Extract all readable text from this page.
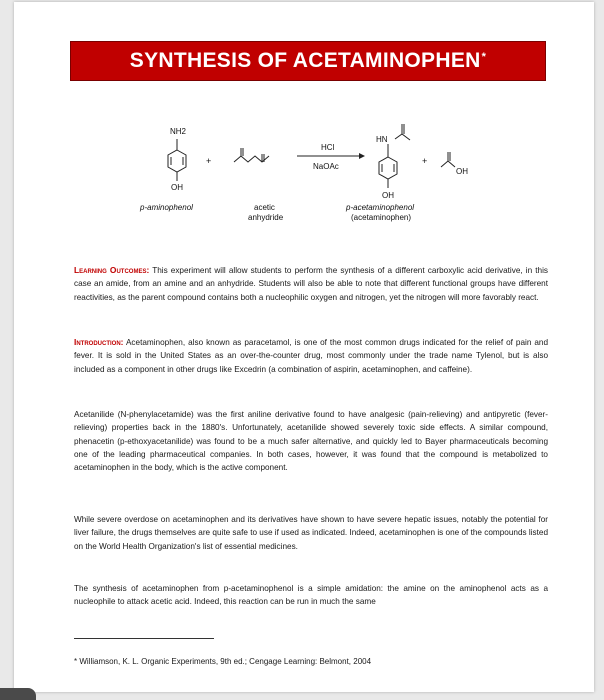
SYNTHESIS OF ACETAMINOPHEN*
NH2
OH
p-aminophenol
+
acetic
anhydride
HCl
NaOAc
HN
OH
p-acetaminophenol
(acetaminophen)
+
OH

Learning Outcomes: This experiment will allow students to perform the synthesis of a different carboxylic acid derivative, in this case an amide, from an amine and an anhydride. Students will also be able to note that different functional groups have different reactivities, as the parent compound contains both a nucleophilic oxygen and nitrogen, yet the nitrogen will more favorably react.

Introduction: Acetaminophen, also known as paracetamol, is one of the most common drugs indicated for the relief of pain and fever. It is sold in the United States as an over-the-counter drug, most commonly under the trade name Tylenol, but is also included as a component in other drugs like Excedrin (a combination of aspirin, acetaminophen, and caffeine).

Acetanilide (N-phenylacetamide) was the first aniline derivative found to have analgesic (pain-relieving) and antipyretic (fever-relieving) properties back in the 1880's. Unfortunately, acetanilide showed severely toxic side effects. A similar compound, phenacetin (p-ethoxyacetanilide) was found to be a much safer alternative, and quickly led to Bayer pharmaceuticals becoming one of the leading pharmaceutical companies. In both cases, however, it was found that the compound is metabolized to acetaminophen in the body, which is the active component.

While severe overdose on acetaminophen and its derivatives have shown to have severe hepatic issues, notably the potential for liver failure, the drugs themselves are quite safe to use if used as indicated. Indeed, acetaminophen is one of the compounds listed on the World Health Organization's list of essential medicines.

The synthesis of acetaminophen from p-acetaminophenol is a simple amidation: the amine on the aminophenol acts as a nucleophile to attack acetic acid. Indeed, this reaction can be run in much the same

* Williamson, K. L. Organic Experiments, 9th ed.; Cengage Learning: Belmont, 2004
